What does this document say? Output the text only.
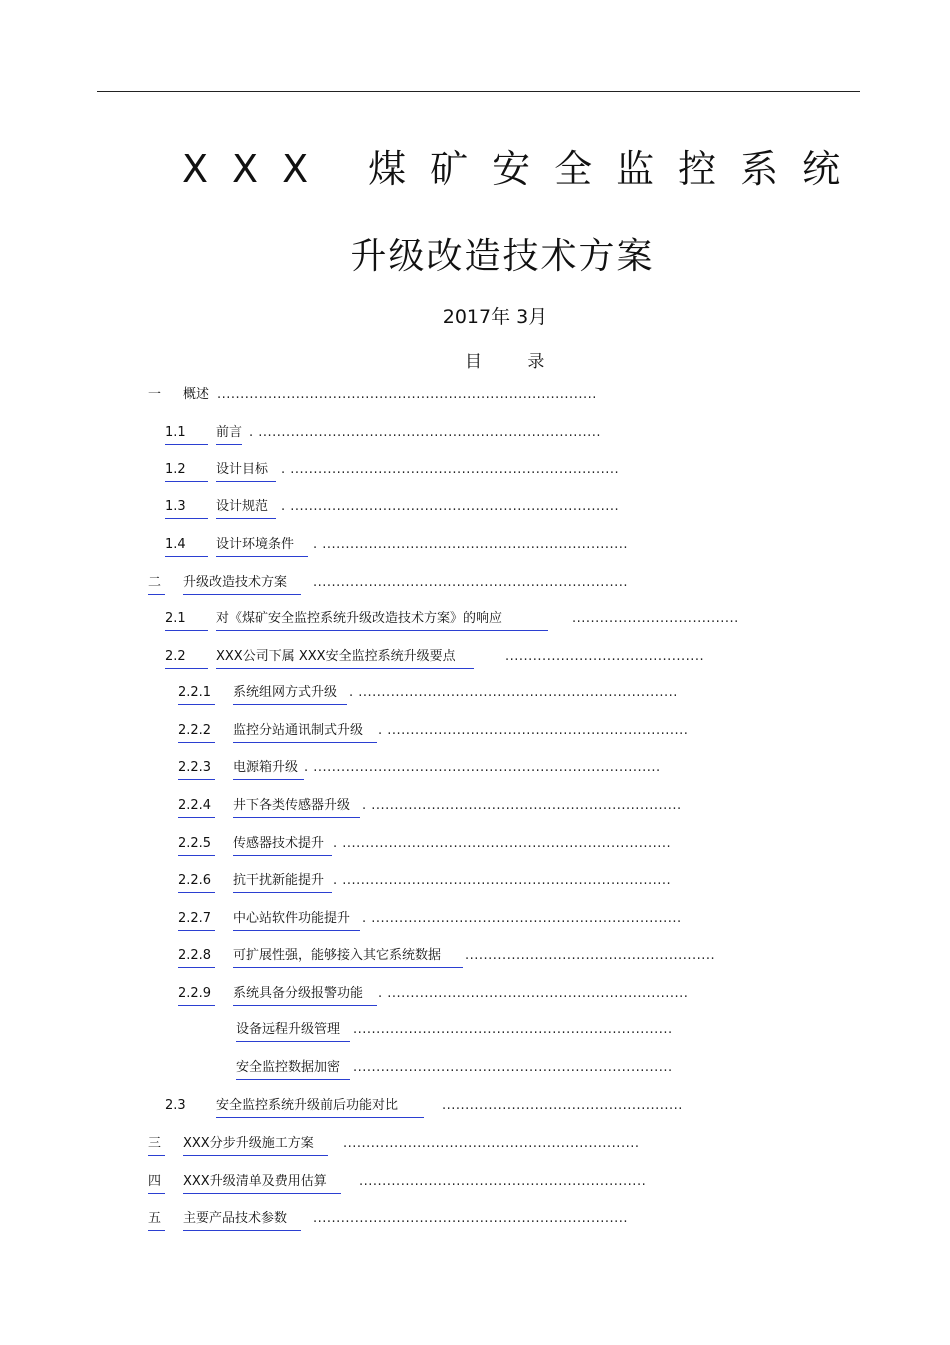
XXX 煤矿安全监控系统
升级改造技术方案
2017年 3月
目 录
一 概述 ..................................................................................
1.1	前言 . ..........................................................................
1.2	设计目标 . .......................................................................
1.3	设计规范 . .......................................................................
1.4	设计环境条件	. ..................................................................
二	升级改造技术方案	....................................................................
2.1	对《煤矿安全监控系统升级改造技术方案》的响应	....................................
2.2	XXX公司下属 XXX安全监控系统升级要点	...........................................
2.2.1	系统组网方式升级 . .....................................................................
2.2.2	监控分站通讯制式升级	. .................................................................
2.2.3	电源箱升级 . ...........................................................................
2.2.4	井下各类传感器升级 . ...................................................................
2.2.5	传感器技术提升 . .......................................................................
2.2.6	抗干扰新能提升 . .......................................................................
2.2.7	中心站软件功能提升 . ...................................................................
2.2.8	可扩展性强，能够接入其它系统数据	......................................................
2.2.9	系统具备分级报警功能	. .................................................................
设备远程升级管理 .....................................................................
安全监控数据加密 .....................................................................
2.3 安全监控系统升级前后功能对比	....................................................
三	XXX分步升级施工方案	................................................................
四	XXX升级清单及费用估算	..............................................................
五	主要产品技术参数	....................................................................
